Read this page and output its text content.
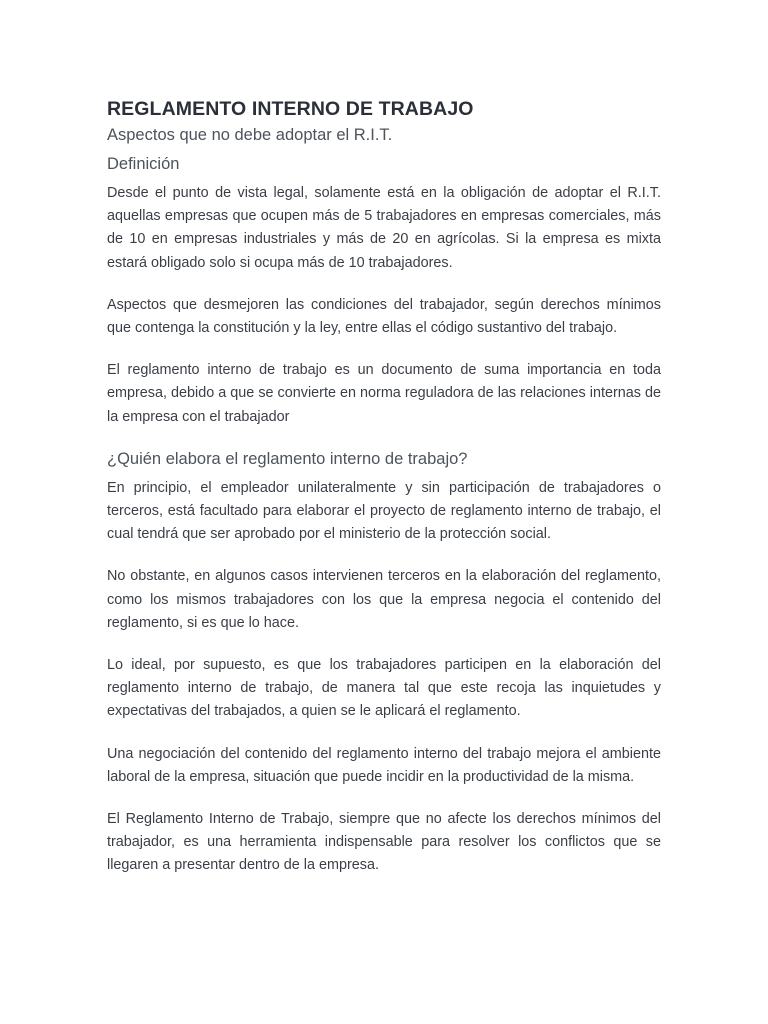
REGLAMENTO INTERNO DE TRABAJO
Aspectos que no debe adoptar el R.I.T.
Definición

Desde el punto de vista legal, solamente está en la obligación de adoptar el R.I.T. aquellas empresas que ocupen más de 5 trabajadores en empresas comerciales, más de 10 en empresas industriales y más de 20 en agrícolas. Si la empresa es mixta estará obligado solo si ocupa más de 10 trabajadores.

Aspectos que desmejoren las condiciones del trabajador, según derechos mínimos que contenga la constitución y la ley, entre ellas el código sustantivo del trabajo.

El reglamento interno de trabajo es un documento de suma importancia en toda empresa, debido a que se convierte en norma reguladora de las relaciones internas de la empresa con el trabajador

¿Quién elabora el reglamento interno de trabajo?

En principio, el empleador unilateralmente y sin participación de trabajadores o terceros, está facultado para elaborar el proyecto de reglamento interno de trabajo, el cual tendrá que ser aprobado por el ministerio de la protección social.

No obstante, en algunos casos intervienen terceros en la elaboración del reglamento, como los mismos trabajadores con los que la empresa negocia el contenido del reglamento, si es que lo hace.

Lo ideal, por supuesto, es que los trabajadores participen en la elaboración del reglamento interno de trabajo, de manera tal que este recoja las inquietudes y expectativas del trabajados, a quien se le aplicará el reglamento.

Una negociación del contenido del reglamento interno del trabajo mejora el ambiente laboral de la empresa, situación que puede incidir en la productividad de la misma.

El Reglamento Interno de Trabajo, siempre que no afecte los derechos mínimos del trabajador, es una herramienta indispensable para resolver los conflictos que se llegaren a presentar dentro de la empresa.
